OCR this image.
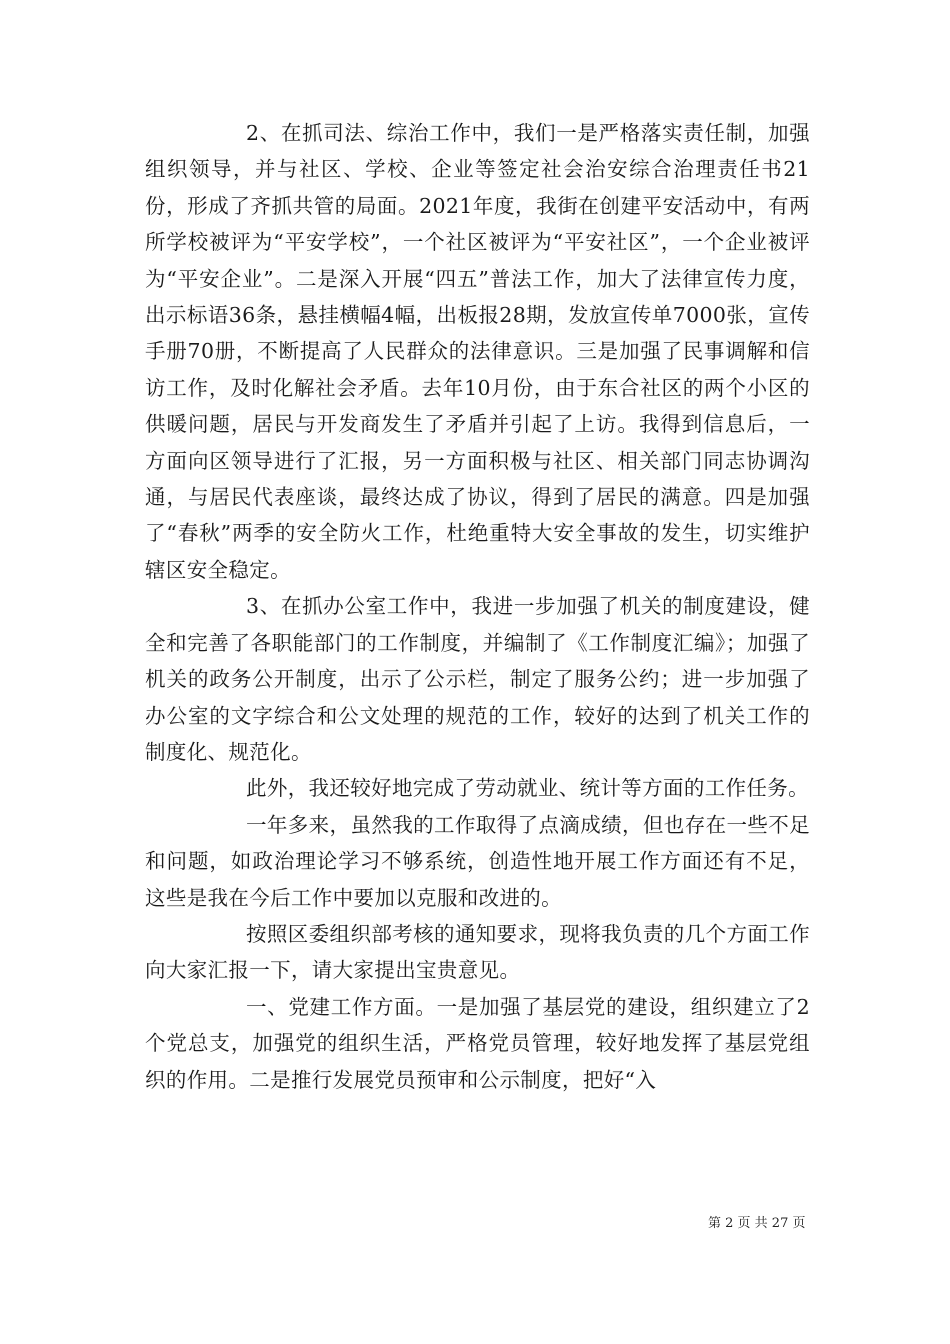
2、在抓司法、综治工作中，我们一是严格落实责任制，加强组织领导，并与社区、学校、企业等签定社会治安综合治理责任书21份，形成了齐抓共管的局面。2021年度，我街在创建平安活动中，有两所学校被评为“平安学校”，一个社区被评为“平安社区”，一个企业被评为“平安企业”。二是深入开展“四五”普法工作，加大了法律宣传力度，出示标语36条，悬挂横幅4幅，出板报28期，发放宣传单7000张，宣传手册70册，不断提高了人民群众的法律意识。三是加强了民事调解和信访工作，及时化解社会矛盾。去年10月份，由于东合社区的两个小区的供暖问题，居民与开发商发生了矛盾并引起了上访。我得到信息后，一方面向区领导进行了汇报，另一方面积极与社区、相关部门同志协调沟通，与居民代表座谈，最终达成了协议，得到了居民的满意。四是加强了“春秋”两季的安全防火工作，杜绝重特大安全事故的发生，切实维护辖区安全稳定。

3、在抓办公室工作中，我进一步加强了机关的制度建设，健全和完善了各职能部门的工作制度，并编制了《工作制度汇编》；加强了机关的政务公开制度，出示了公示栏，制定了服务公约；进一步加强了办公室的文字综合和公文处理的规范的工作，较好的达到了机关工作的制度化、规范化。

此外，我还较好地完成了劳动就业、统计等方面的工作任务。

一年多来，虽然我的工作取得了点滴成绩，但也存在一些不足和问题，如政治理论学习不够系统，创造性地开展工作方面还有不足，这些是我在今后工作中要加以克服和改进的。

按照区委组织部考核的通知要求，现将我负责的几个方面工作向大家汇报一下，请大家提出宝贵意见。

一、党建工作方面。一是加强了基层党的建设，组织建立了2个党总支，加强党的组织生活，严格党员管理，较好地发挥了基层党组织的作用。二是推行发展党员预审和公示制度，把好“入

第 2 页 共 27 页
